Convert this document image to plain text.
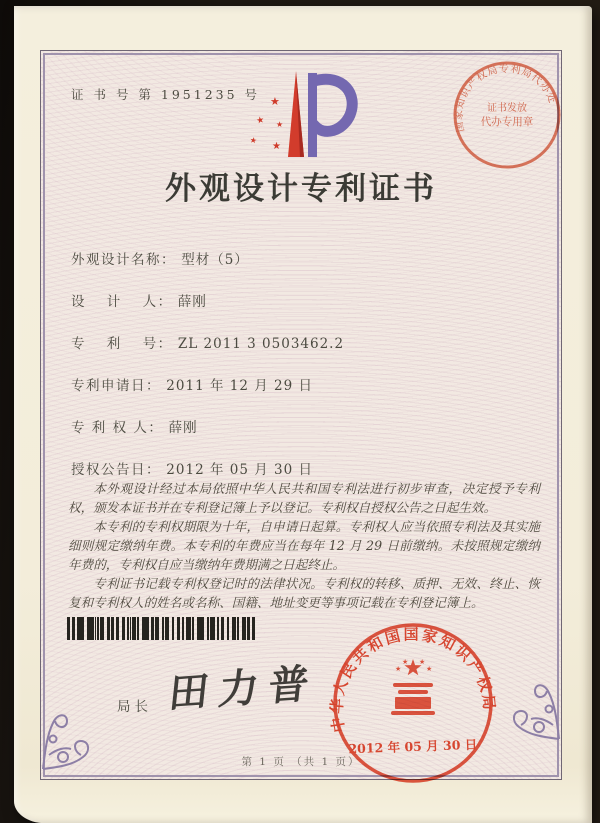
证 书 号 第 1951235 号 ★
★ ★
★
★
外观设计专利证书
国家知识产权局专利局代办处
证书发放
代办专用章
外观设计名称： 型材（5）
设　 计 　人： 薛刚
专　 利 　号： ZL 2011 3 0503462.2
专利申请日： 2011 年 12 月 29 日
专 利 权 人： 薛刚
授权公告日： 2012 年 05 月 30 日

本外观设计经过本局依照中华人民共和国专利法进行初步审查，决定授予专利权，颁发本证书并在专利登记簿上予以登记。专利权自授权公告之日起生效。

本专利的专利权期限为十年，自申请日起算。专利权人应当依照专利法及其实施细则规定缴纳年费。本专利的年费应当在每年 12 月 29 日前缴纳。未按照规定缴纳年费的，专利权自应当缴纳年费期满之日起终止。

专利证书记载专利权登记时的法律状况。专利权的转移、质押、无效、终止、恢复和专利权人的姓名或名称、国籍、地址变更等事项记载在专利登记簿上。

局长 田力普
中华人民共和国国家知识产权局
★
★ ★
★
2012 年 05 月 30 日
第 1 页 （共 1 页）
